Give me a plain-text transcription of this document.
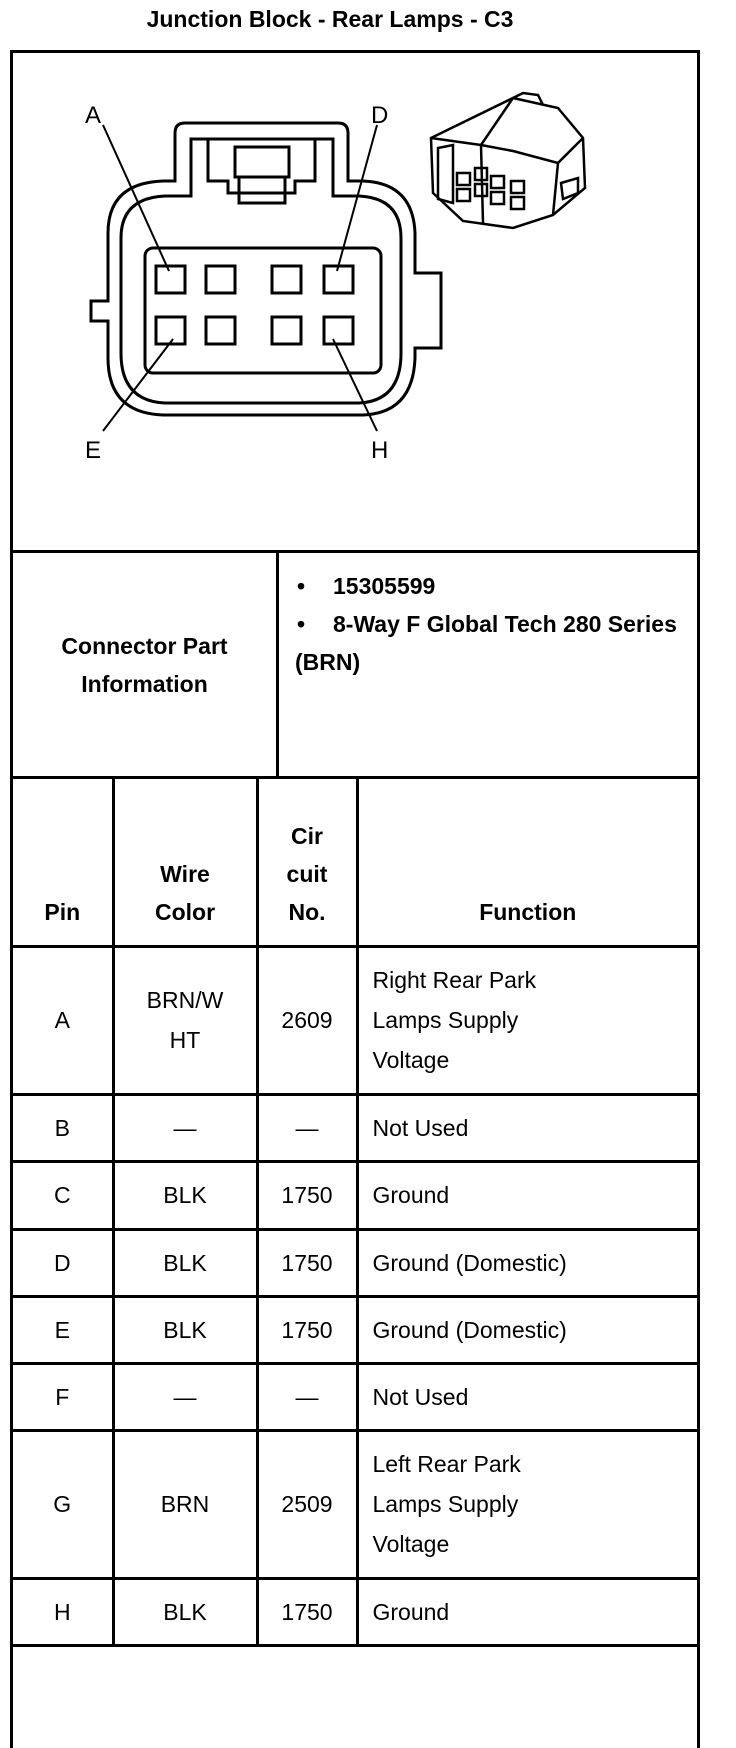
Junction Block - Rear Lamps - C3
A	D
E	H
Connector Part Information
• 15305599
• 8-Way F Global Tech 280 Series (BRN)
Pin	Wire Color	Cir cuit No.	Function
A	BRN/W HT	2609	Right Rear Park Lamps Supply Voltage
B	—	—	Not Used
C	BLK	1750	Ground
D	BLK	1750	Ground (Domestic)
E	BLK	1750	Ground (Domestic)
F	—	—	Not Used
G	BRN	2509	Left Rear Park Lamps Supply Voltage
H	BLK	1750	Ground
